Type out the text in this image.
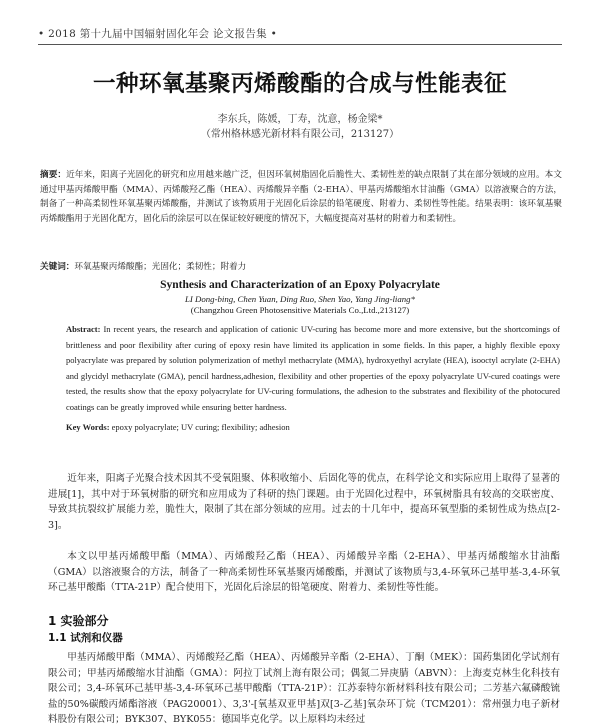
• 2018 第十九届中国辐射固化年会 论文报告集 •
一种环氧基聚丙烯酸酯的合成与性能表征
李东兵，陈媛，丁寿，沈意，杨金梁*
（常州格林感光新材料有限公司，213127）
摘要：近年来，阳离子光固化的研究和应用越来越广泛，但因环氧树脂固化后脆性大、柔韧性差的缺点限制了其在部分领域的应用。本文通过甲基丙烯酸甲酯（MMA）、丙烯酸羟乙酯（HEA）、丙烯酸异辛酯（2-EHA）、甲基丙烯酸缩水甘油酯（GMA）以溶液聚合的方法，制备了一种高柔韧性环氧基聚丙烯酸酯，并测试了该物质用于光固化后涂层的铅笔硬度、附着力、柔韧性等性能。结果表明：该环氧基聚丙烯酸酯用于光固化配方，固化后的涂层可以在保证较好硬度的情况下，大幅度提高对基材的附着力和柔韧性。
关键词：环氧基聚丙烯酸酯；光固化；柔韧性；附着力
Synthesis and Characterization of an Epoxy Polyacrylate
LI Dong-bing, Chen Yuan, Ding Ruo, Shen Yao, Yang Jing-liang*
(Changzhou Green Photosensitive Materials Co.,Ltd.,213127)
Abstract: In recent years, the research and application of cationic UV-curing has become more and more extensive, but the shortcomings of brittleness and poor flexibility after curing of epoxy resin have limited its application in some fields. In this paper, a highly flexible epoxy polyacrylate was prepared by solution polymerization of methyl methacrylate (MMA), hydroxyethyl acrylate (HEA), isooctyl acrylate (2-EHA) and glycidyl methacrylate (GMA), pencil hardness,adhesion, flexibility and other properties of the epoxy polyacrylate UV-cured coatings were tested, the results show that the epoxy polyacrylate for UV-curing formulations, the adhesion to the substrates and flexibility of the photocured coatings can be greatly improved while ensuring better hardness.
Key Words: epoxy polyacrylate; UV curing; flexibility; adhesion

近年来，阳离子光聚合技术因其不受氧阻聚、体积收缩小、后固化等的优点，在科学论文和实际应用上取得了显著的进展[1]，其中对于环氧树脂的研究和应用成为了科研的热门课题。由于光固化过程中，环氧树脂具有较高的交联密度、导致其抗裂纹扩展能力差，脆性大，限制了其在部分领域的应用。过去的十几年中，提高环氧型脂的柔韧性成为热点[2-3]。

本文以甲基丙烯酸甲酯（MMA）、丙烯酸羟乙酯（HEA）、丙烯酸异辛酯（2-EHA）、甲基丙烯酸缩水甘油酯（GMA）以溶液聚合的方法，制备了一种高柔韧性环氧基聚丙烯酸酯，并测试了该物质与3,4-环氧环己基甲基-3,4-环氧环己基甲酸酯（TTA-21P）配合使用下，光固化后涂层的铅笔硬度、附着力、柔韧性等性能。

1 实验部分
1.1 试剂和仪器

甲基丙烯酸甲酯（MMA）、丙烯酸羟乙酯（HEA）、丙烯酸异辛酯（2-EHA）、丁酮（MEK）：国药集团化学试剂有限公司；甲基丙烯酸缩水甘油酯（GMA）：阿拉丁试剂上海有限公司；偶氮二异庚腈（ABVN）：上海麦克林生化科技有限公司；3,4-环氧环己基甲基-3,4-环氧环己基甲酸酯（TTA-21P）：江苏泰特尔新材料科技有限公司；二芳基六氟磷酸锍盐的50%碳酸丙烯酯溶液（PAG20001）、3,3'-[氧基双亚甲基]双[3-乙基]氧杂环丁烷（TCM201）：常州强力电子新材料股份有限公司；BYK307、BYK055：德国毕克化学。以上原料均未经过
